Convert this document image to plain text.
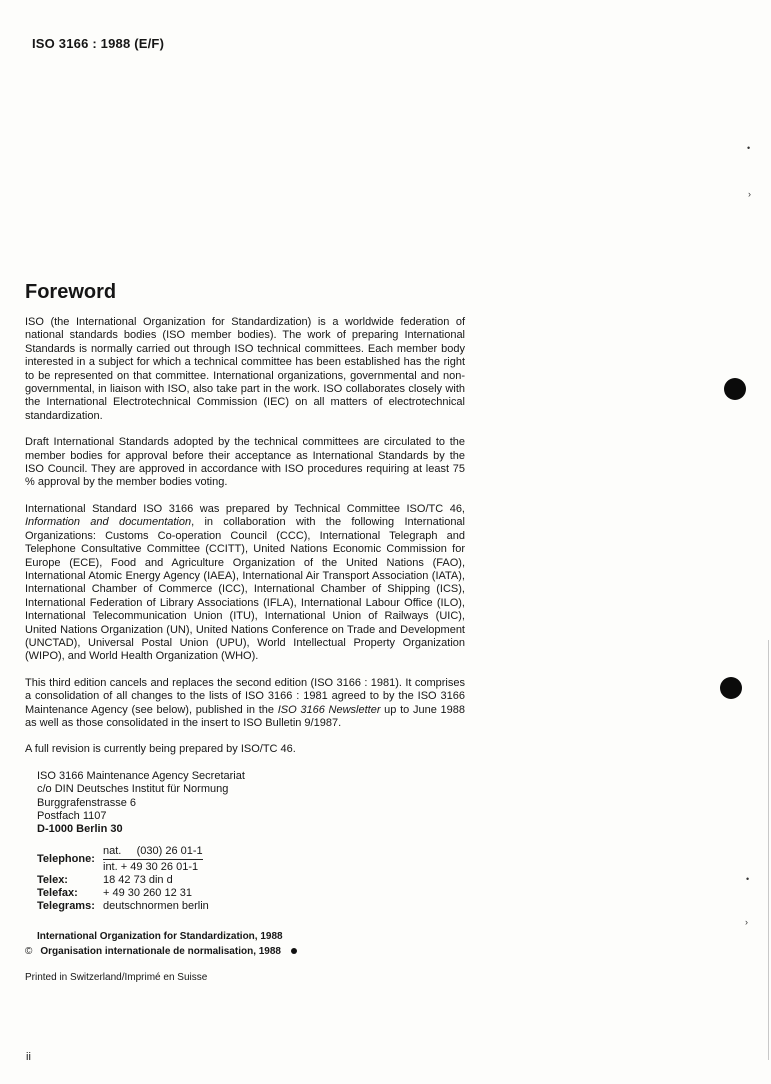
ISO 3166 : 1988 (E/F)
Foreword

ISO (the International Organization for Standardization) is a worldwide federation of national standards bodies (ISO member bodies). The work of preparing International Standards is normally carried out through ISO technical committees. Each member body interested in a subject for which a technical committee has been established has the right to be represented on that committee. International organizations, governmental and non-governmental, in liaison with ISO, also take part in the work. ISO collaborates closely with the International Electrotechnical Commission (IEC) on all matters of electrotechnical standardization.

Draft International Standards adopted by the technical committees are circulated to the member bodies for approval before their acceptance as International Standards by the ISO Council. They are approved in accordance with ISO procedures requiring at least 75 % approval by the member bodies voting.

International Standard ISO 3166 was prepared by Technical Committee ISO/TC 46, Information and documentation, in collaboration with the following International Organizations: Customs Co-operation Council (CCC), International Telegraph and Telephone Consultative Committee (CCITT), United Nations Economic Commission for Europe (ECE), Food and Agriculture Organization of the United Nations (FAO), International Atomic Energy Agency (IAEA), International Air Transport Association (IATA), International Chamber of Commerce (ICC), International Chamber of Shipping (ICS), International Federation of Library Associations (IFLA), International Labour Office (ILO), International Telecommunication Union (ITU), International Union of Railways (UIC), United Nations Organization (UN), United Nations Conference on Trade and Development (UNCTAD), Universal Postal Union (UPU), World Intellectual Property Organization (WIPO), and World Health Organization (WHO).

This third edition cancels and replaces the second edition (ISO 3166 : 1981). It comprises a consolidation of all changes to the lists of ISO 3166 : 1981 agreed to by the ISO 3166 Maintenance Agency (see below), published in the ISO 3166 Newsletter up to June 1988 as well as those consolidated in the insert to ISO Bulletin 9/1987.

A full revision is currently being prepared by ISO/TC 46.

ISO 3166 Maintenance Agency Secretariat
c/o DIN Deutsches Institut für Normung
Burggrafenstrasse 6
Postfach 1107
D-1000 Berlin 30
Telephone: $\frac{\text{nat.     (030) 26 01-1}}{\text{int. + 49 30 26 01-1}}$
Telex:	18 42 73 din d
Telefax:	+ 49 30 260 12 31
Telegrams: deutschnormen berlin
International Organization for Standardization, 1988
© Organisation internationale de normalisation, 1988
Printed in Switzerland/Imprimé en Suisse
ii
•
›
•
›
